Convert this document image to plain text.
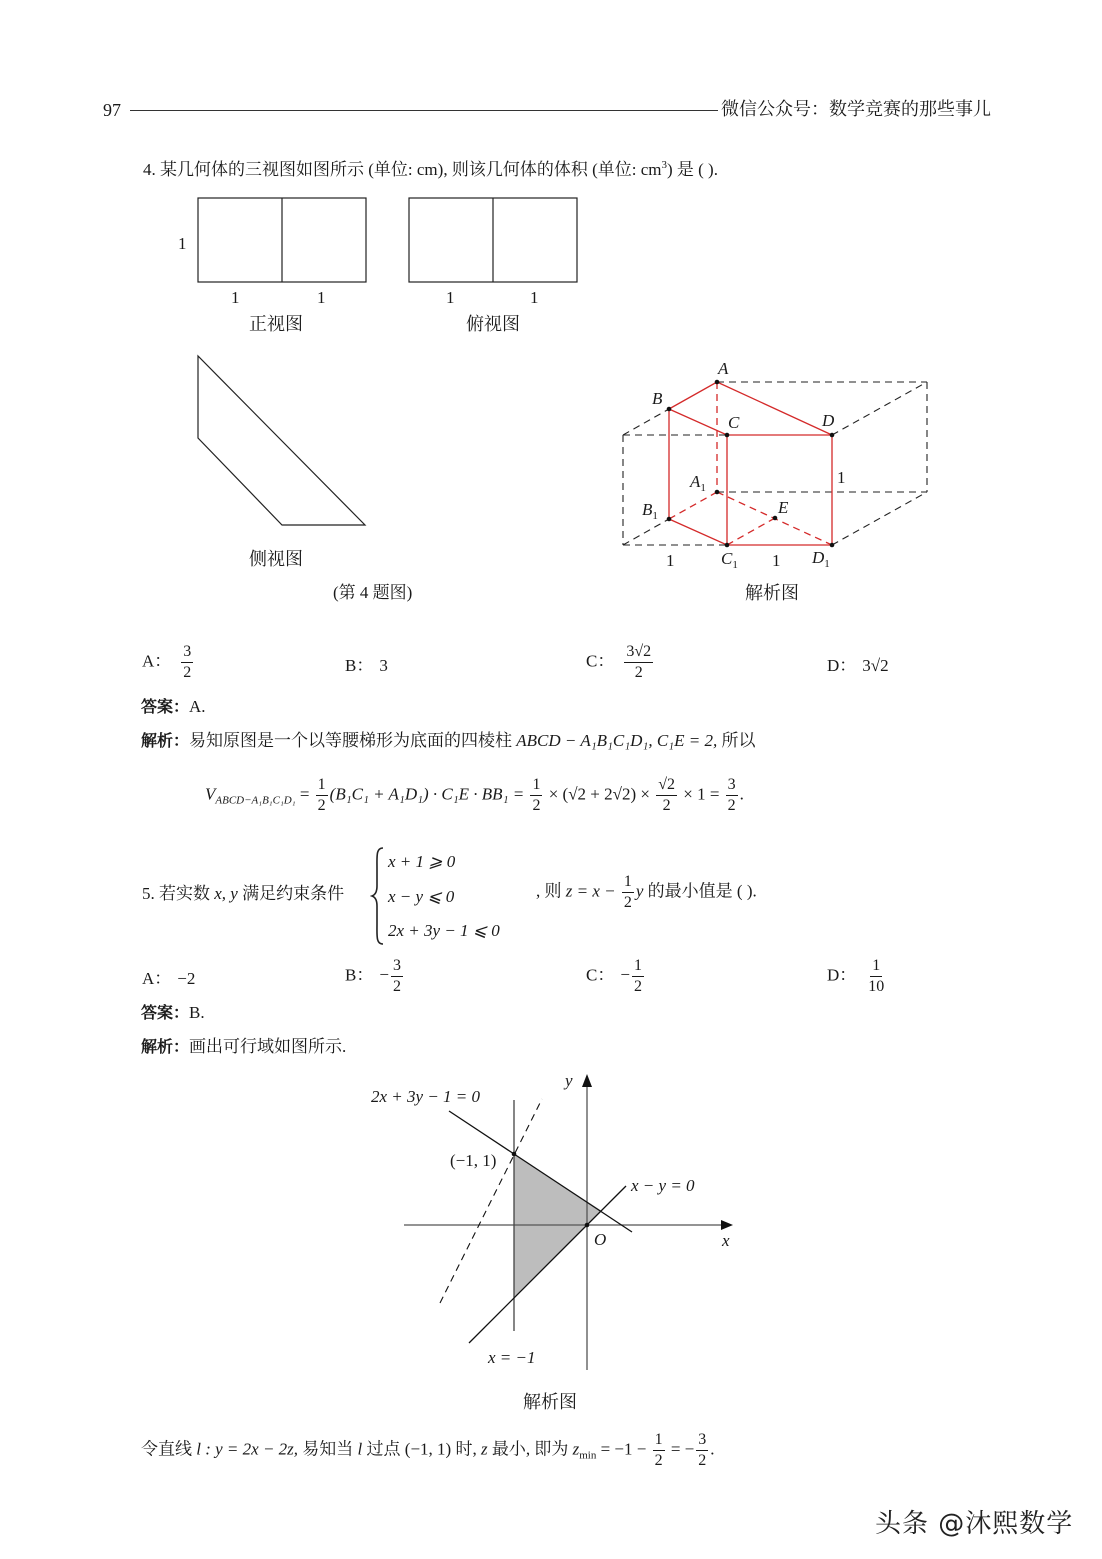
97	微信公众号：数学竞赛的那些事儿
4. 某几何体的三视图如图所示 (单位: cm), 则该几何体的体积 (单位: $cm^3$) 是 ( ).
1
1	1
正视图
1	1
俯视图
侧视图
(第 4 题图)
A
B
C	D
$A_1$
$B_1$
$C_1$	$D_1$
E
1	1
1
解析图
A： $\frac{3}{2}$	B： 3	C： $\frac{3√2}{2}$	D： 3√2
答案：A.
解析：易知原图是一个以等腰梯形为底面的四棱柱 ABCD − A₁B₁C₁D₁, C₁E = 2, 所以
$V_{ABCD-A_1B_1C_1D_1} = \frac{1}{2} (B_1C_1 + A_1D_1) \cdot C_1E \cdot BB_1 = \frac{1}{2} \times (√2 + 2√2) \times \frac{√2}{2} \times 1 = \frac{3}{2}$ .
5. 若实数 x, y 满足约束条件
x + 1 ⩾ 0
x − y ⩽ 0
2x + 3y − 1 ⩽ 0
, 则 $z = x - \frac{1}{2}$ y 的最小值是 ( ).
A： −2	B： − $\frac{3}{2}$	C： − $\frac{1}{2}$	D： $\frac{1}{10}$
答案：B.
解析：画出可行域如图所示.
2x + 3y − 1 = 0
x − y = 0
x = −1
(−1, 1)
O	x
y
解析图
令直线 l : y = 2x − 2z, 易知当 l 过点 (−1, 1) 时, z 最小, 即为 $z_{min} = -1 - \frac{1}{2}$ = − $\frac{3}{2}$ .
头条 @沐熙数学
